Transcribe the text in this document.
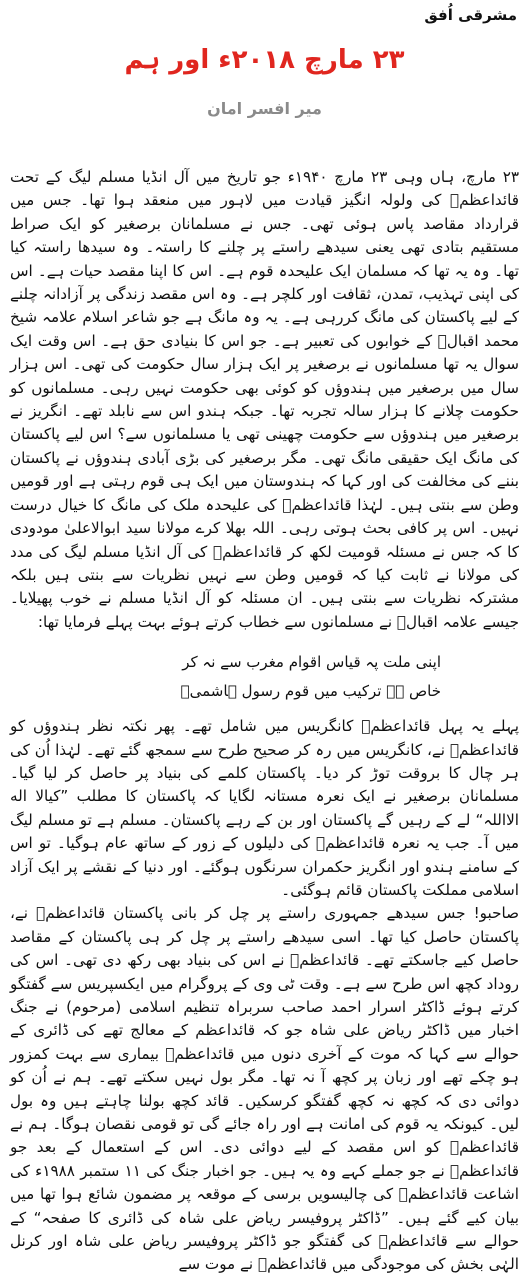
مشرقی اُفق
۲۳ مارچ ۲۰۱۸ء اور ہم
میر افسر امان

۲۳ مارچ، ہاں وہی ۲۳ مارچ ۱۹۴۰ء جو تاریخ میں آل انڈیا مسلم لیگ کے تحت قائداعظمؒ کی ولولہ انگیز قیادت میں لاہور میں منعقد ہوا تھا۔ جس میں قرارداد مقاصد پاس ہوئی تھی۔ جس نے مسلمانان برصغیر کو ایک صراط مستقیم بتادی تھی یعنی سیدھے راستے پر چلنے کا راستہ۔ وہ سیدھا راستہ کیا تھا۔ وہ یہ تھا کہ مسلمان ایک علیحدہ قوم ہے۔ اس کا اپنا مقصد حیات ہے۔ اس کی اپنی تہذیب، تمدن، ثقافت اور کلچر ہے۔ وہ اس مقصد زندگی پر آزادانہ چلنے کے لیے پاکستان کی مانگ کررہی ہے۔ یہ وہ مانگ ہے جو شاعر اسلام علامہ شیخ محمد اقبالؒ کے خوابوں کی تعبیر ہے۔ جو اس کا بنیادی حق ہے۔ اس وقت ایک سوال یہ تھا مسلمانوں نے برصغیر پر ایک ہزار سال حکومت کی تھی۔ اس ہزار سال میں برصغیر میں ہندوؤں کو کوئی بھی حکومت نہیں رہی۔ مسلمانوں کو حکومت چلانے کا ہزار سالہ تجربہ تھا۔ جبکہ ہندو اس سے نابلد تھے۔ انگریز نے برصغیر میں ہندوؤں سے حکومت چھینی تھی یا مسلمانوں سے؟ اس لیے پاکستان کی مانگ ایک حقیقی مانگ تھی۔ مگر برصغیر کی بڑی آبادی ہندوؤں نے پاکستان بننے کی مخالفت کی اور کہا کہ ہندوستان میں ایک ہی قوم رہتی ہے اور قومیں وطن سے بنتی ہیں۔ لہٰذا قائداعظمؒ کی علیحدہ ملک کی مانگ کا خیال درست نہیں۔ اس پر کافی بحث ہوتی رہی۔ اللہ بھلا کرے مولانا سید ابوالاعلیٰ مودودی کا کہ جس نے مسئلہ قومیت لکھ کر قائداعظمؒ کی آل انڈیا مسلم لیگ کی مدد کی مولانا نے ثابت کیا کہ قومیں وطن سے نہیں نظریات سے بنتی ہیں بلکہ مشترکہ نظریات سے بنتی ہیں۔ ان مسئلہ کو آل انڈیا مسلم نے خوب پھیلایا۔ جیسے علامہ اقبالؒ نے مسلمانوں سے خطاب کرتے ہوئے بہت پہلے فرمایا تھا:

اپنی ملت پہ قیاس اقوام مغرب سے نہ کر
خاص ہے ترکیب میں قوم رسول ہاشمیؐ

پہلے یہ پہل قائداعظمؒ کانگریس میں شامل تھے۔ پھر نکتہ نظر ہندوؤں کو قائداعظمؒ نے، کانگریس میں رہ کر صحیح طرح سے سمجھ گئے تھے۔ لہٰذا اُن کی ہر چال کا بروقت توڑ کر دیا۔ پاکستان کلمے کی بنیاد پر حاصل کر لیا گیا۔ مسلمانان برصغیر نے ایک نعرہ مستانہ لگایا کہ پاکستان کا مطلب ”کیالا اله الااللہ“ لے کے رہیں گے پاکستان اور بن کے رہے پاکستان۔ مسلم ہے تو مسلم لیگ میں آ۔ جب یہ نعرہ قائداعظمؒ کی دلیلوں کے زور کے ساتھ عام ہوگیا۔ تو اس کے سامنے ہندو اور انگریز حکمران سرنگوں ہوگئے۔ اور دنیا کے نقشے پر ایک آزاد اسلامی مملکت پاکستان قائم ہوگئی۔

صاحبو! جس سیدھے جمہوری راستے پر چل کر بانی پاکستان قائداعظمؒ نے، پاکستان حاصل کیا تھا۔ اسی سیدھے راستے پر چل کر ہی پاکستان کے مقاصد حاصل کیے جاسکتے تھے۔ قائداعظمؒ نے اس کی بنیاد بھی رکھ دی تھی۔ اس کی روداد کچھ اس طرح سے ہے۔ وقت ٹی وی کے پروگرام میں ایکسپریس سے گفتگو کرتے ہوئے ڈاکٹر اسرار احمد صاحب سربراہ تنظیم اسلامی (مرحوم) نے جنگ اخبار میں ڈاکٹر ریاض علی شاہ جو کہ قائداعظم کے معالج تھے کی ڈائری کے حوالے سے کہا کہ موت کے آخری دنوں میں قائداعظمؒ بیماری سے بہت کمزور ہو چکے تھے اور زبان پر کچھ آ نہ تھا۔ مگر بول نہیں سکتے تھے۔ ہم نے اُن کو دوائی دی کہ کچھ نہ کچھ گفتگو کرسکیں۔ قائد کچھ بولنا چاہتے ہیں وہ بول لیں۔ کیونکہ یہ قوم کی امانت ہے اور راہ جائے گی تو قومی نقصان ہوگا۔ ہم نے قائداعظمؒ کو اس مقصد کے لیے دوائی دی۔ اس کے استعمال کے بعد جو قائداعظمؒ نے جو جملے کہے وہ یہ ہیں۔ جو اخبار جنگ کی ۱۱ ستمبر ۱۹۸۸ء کی اشاعت قائداعظمؒ کی چالیسویں برسی کے موقعہ پر مضمون شائع ہوا تھا میں بیان کیے گئے ہیں۔ ”ڈاکٹر پروفیسر ریاض علی شاہ کی ڈائری کا صفحہ“ کے حوالے سے قائداعظمؒ کی گفتگو جو ڈاکٹر پروفیسر ریاض علی شاہ اور کرنل الہٰی بخش کی موجودگی میں قائداعظمؒ نے موت سے
